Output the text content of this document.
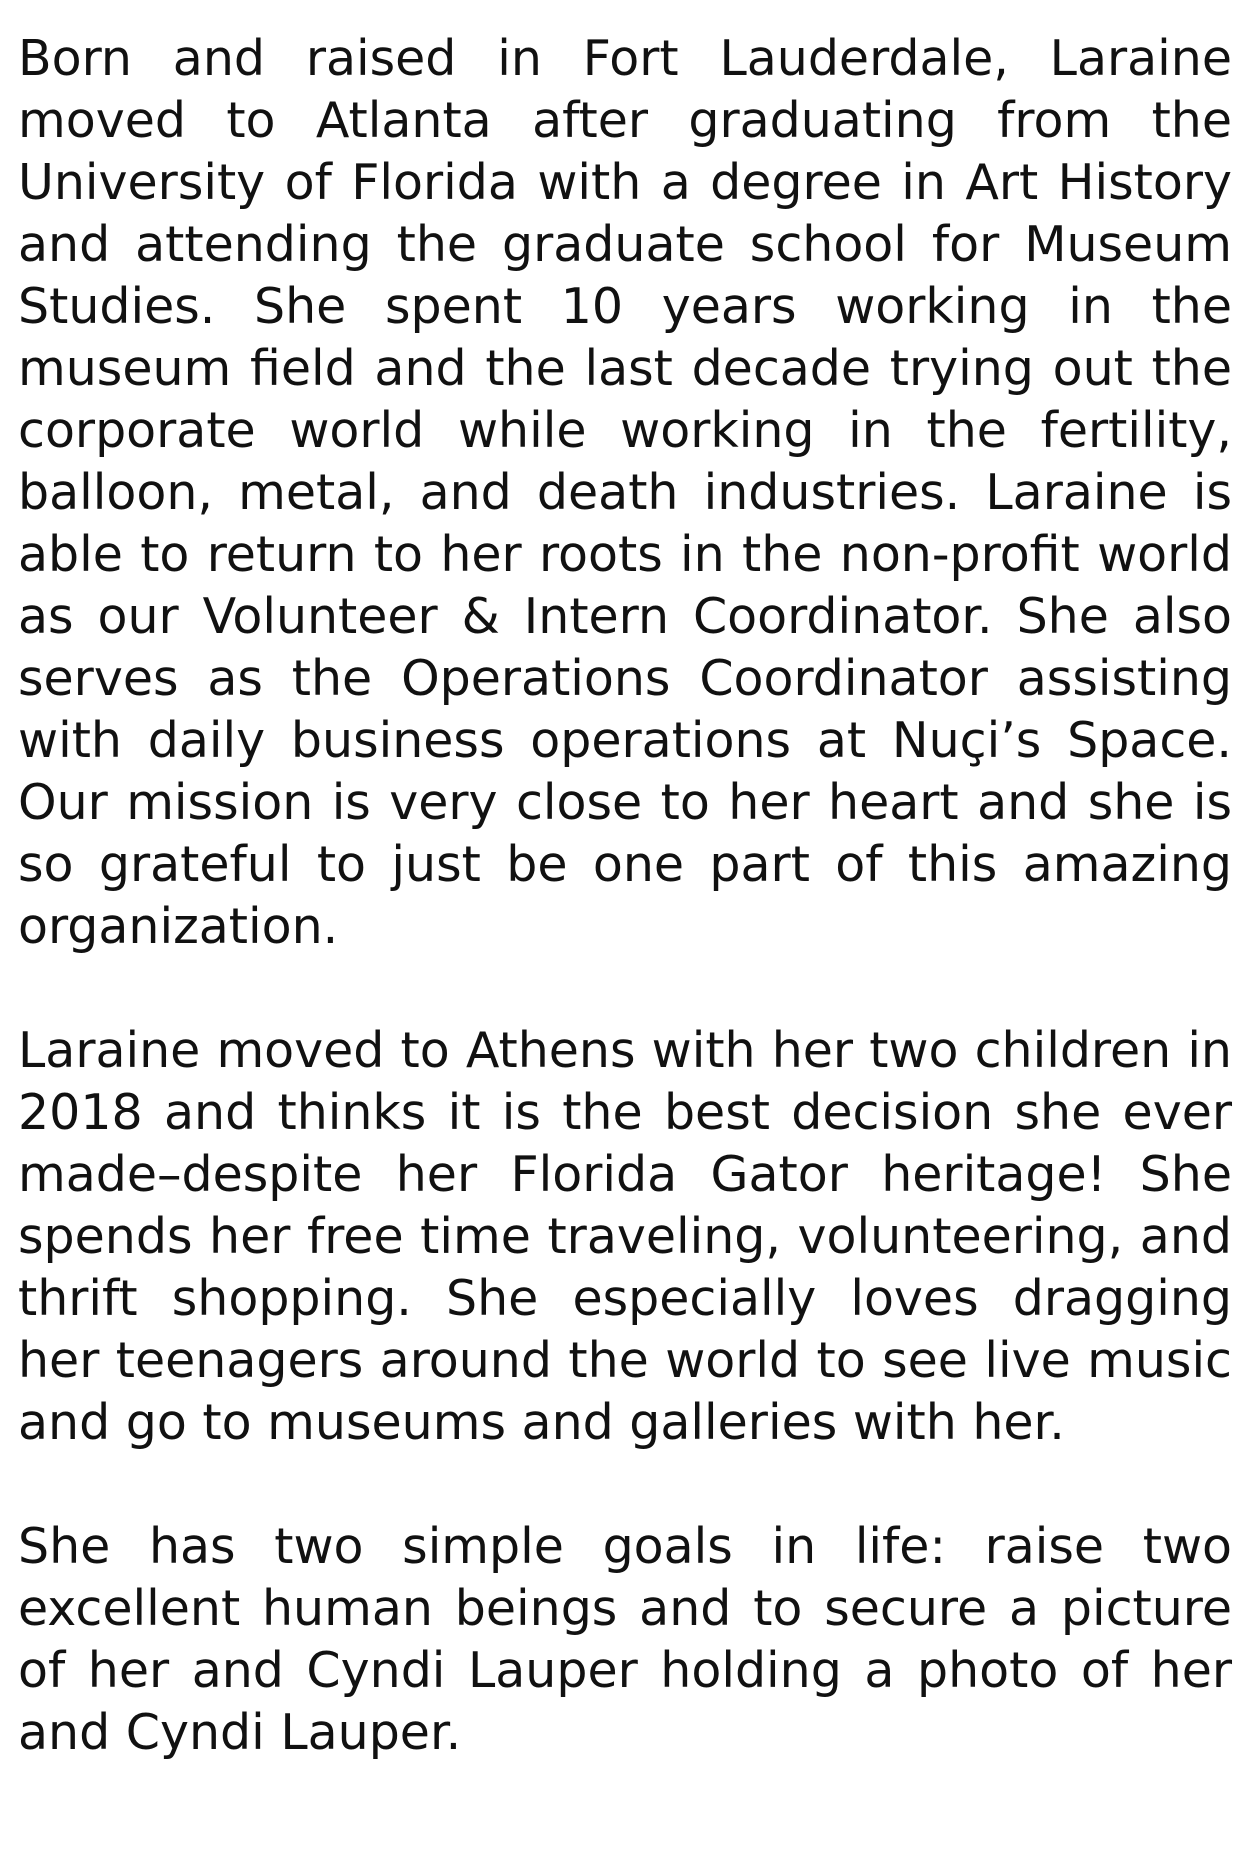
Born and raised in Fort Lauderdale, Laraine moved to Atlanta after graduating from the University of Florida with a degree in Art History and attending the graduate school for Museum Studies. She spent 10 years working in the museum field and the last decade trying out the corporate world while working in the fertility, balloon, metal, and death industries. Laraine is able to return to her roots in the non-profit world as our Volunteer & Intern Coordinator. She also serves as the Operations Coordinator assisting with daily business operations at Nuçi’s Space. Our mission is very close to her heart and she is so grateful to just be one part of this amazing organization.

Laraine moved to Athens with her two children in 2018 and thinks it is the best decision she ever made–despite her Florida Gator heritage! She spends her free time traveling, volunteering, and thrift shopping. She especially loves dragging her teenagers around the world to see live music and go to museums and galleries with her.

She has two simple goals in life: raise two excellent human beings and to secure a picture of her and Cyndi Lauper holding a photo of her and Cyndi Lauper.
